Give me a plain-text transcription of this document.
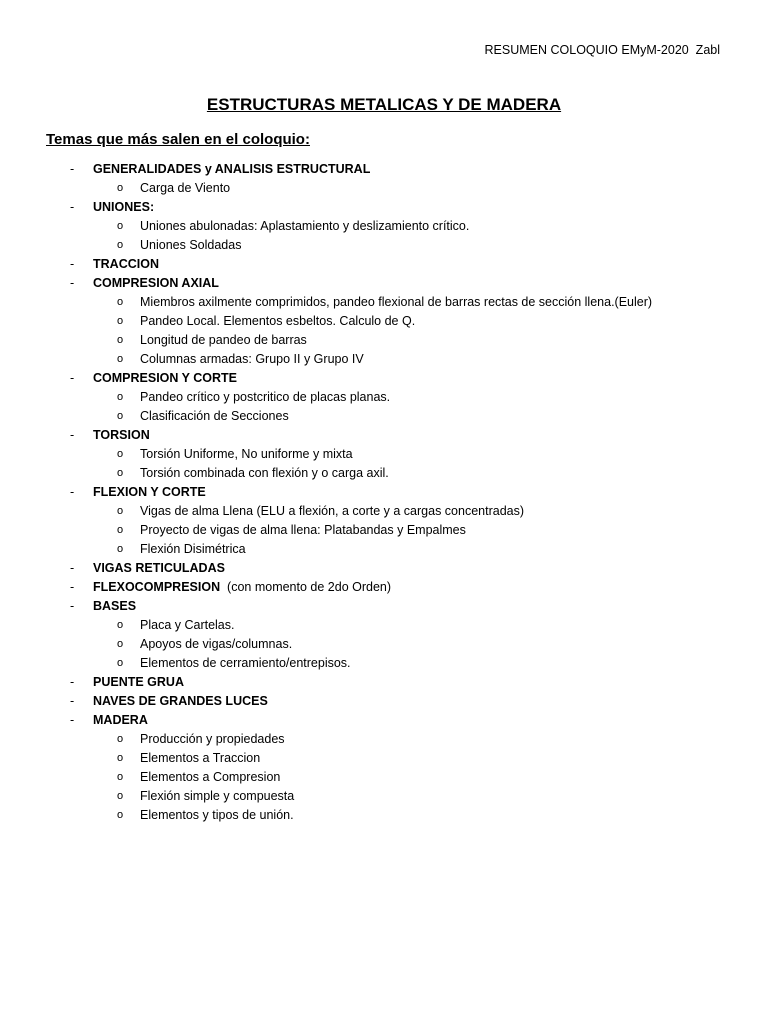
RESUMEN COLOQUIO EMyM-2020  Zabl
ESTRUCTURAS METALICAS Y DE MADERA
Temas que más salen en el coloquio:
- GENERALIDADES y ANALISIS ESTRUCTURAL
o Carga de Viento
- UNIONES:
o Uniones abulonadas: Aplastamiento y deslizamiento crítico.
o Uniones Soldadas
- TRACCION
- COMPRESION AXIAL
o Miembros axilmente comprimidos, pandeo flexional de barras rectas de sección llena.(Euler)
o Pandeo Local. Elementos esbeltos. Calculo de Q.
o Longitud de pandeo de barras
o Columnas armadas: Grupo II y Grupo IV
- COMPRESION Y CORTE
o Pandeo crítico y postcritico de placas planas.
o Clasificación de Secciones
- TORSION
o Torsión Uniforme, No uniforme y mixta
o Torsión combinada con flexión y o carga axil.
- FLEXION Y CORTE
o Vigas de alma Llena (ELU a flexión, a corte y a cargas concentradas)
o Proyecto de vigas de alma llena: Platabandas y Empalmes
o Flexión Disimétrica
- VIGAS RETICULADAS
- FLEXOCOMPRESION  (con momento de 2do Orden)
- BASES
o Placa y Cartelas.
o Apoyos de vigas/columnas.
o Elementos de cerramiento/entrepisos.
- PUENTE GRUA
- NAVES DE GRANDES LUCES
- MADERA
o Producción y propiedades
o Elementos a Traccion
o Elementos a Compresion
o Flexión simple y compuesta
o Elementos y tipos de unión.
